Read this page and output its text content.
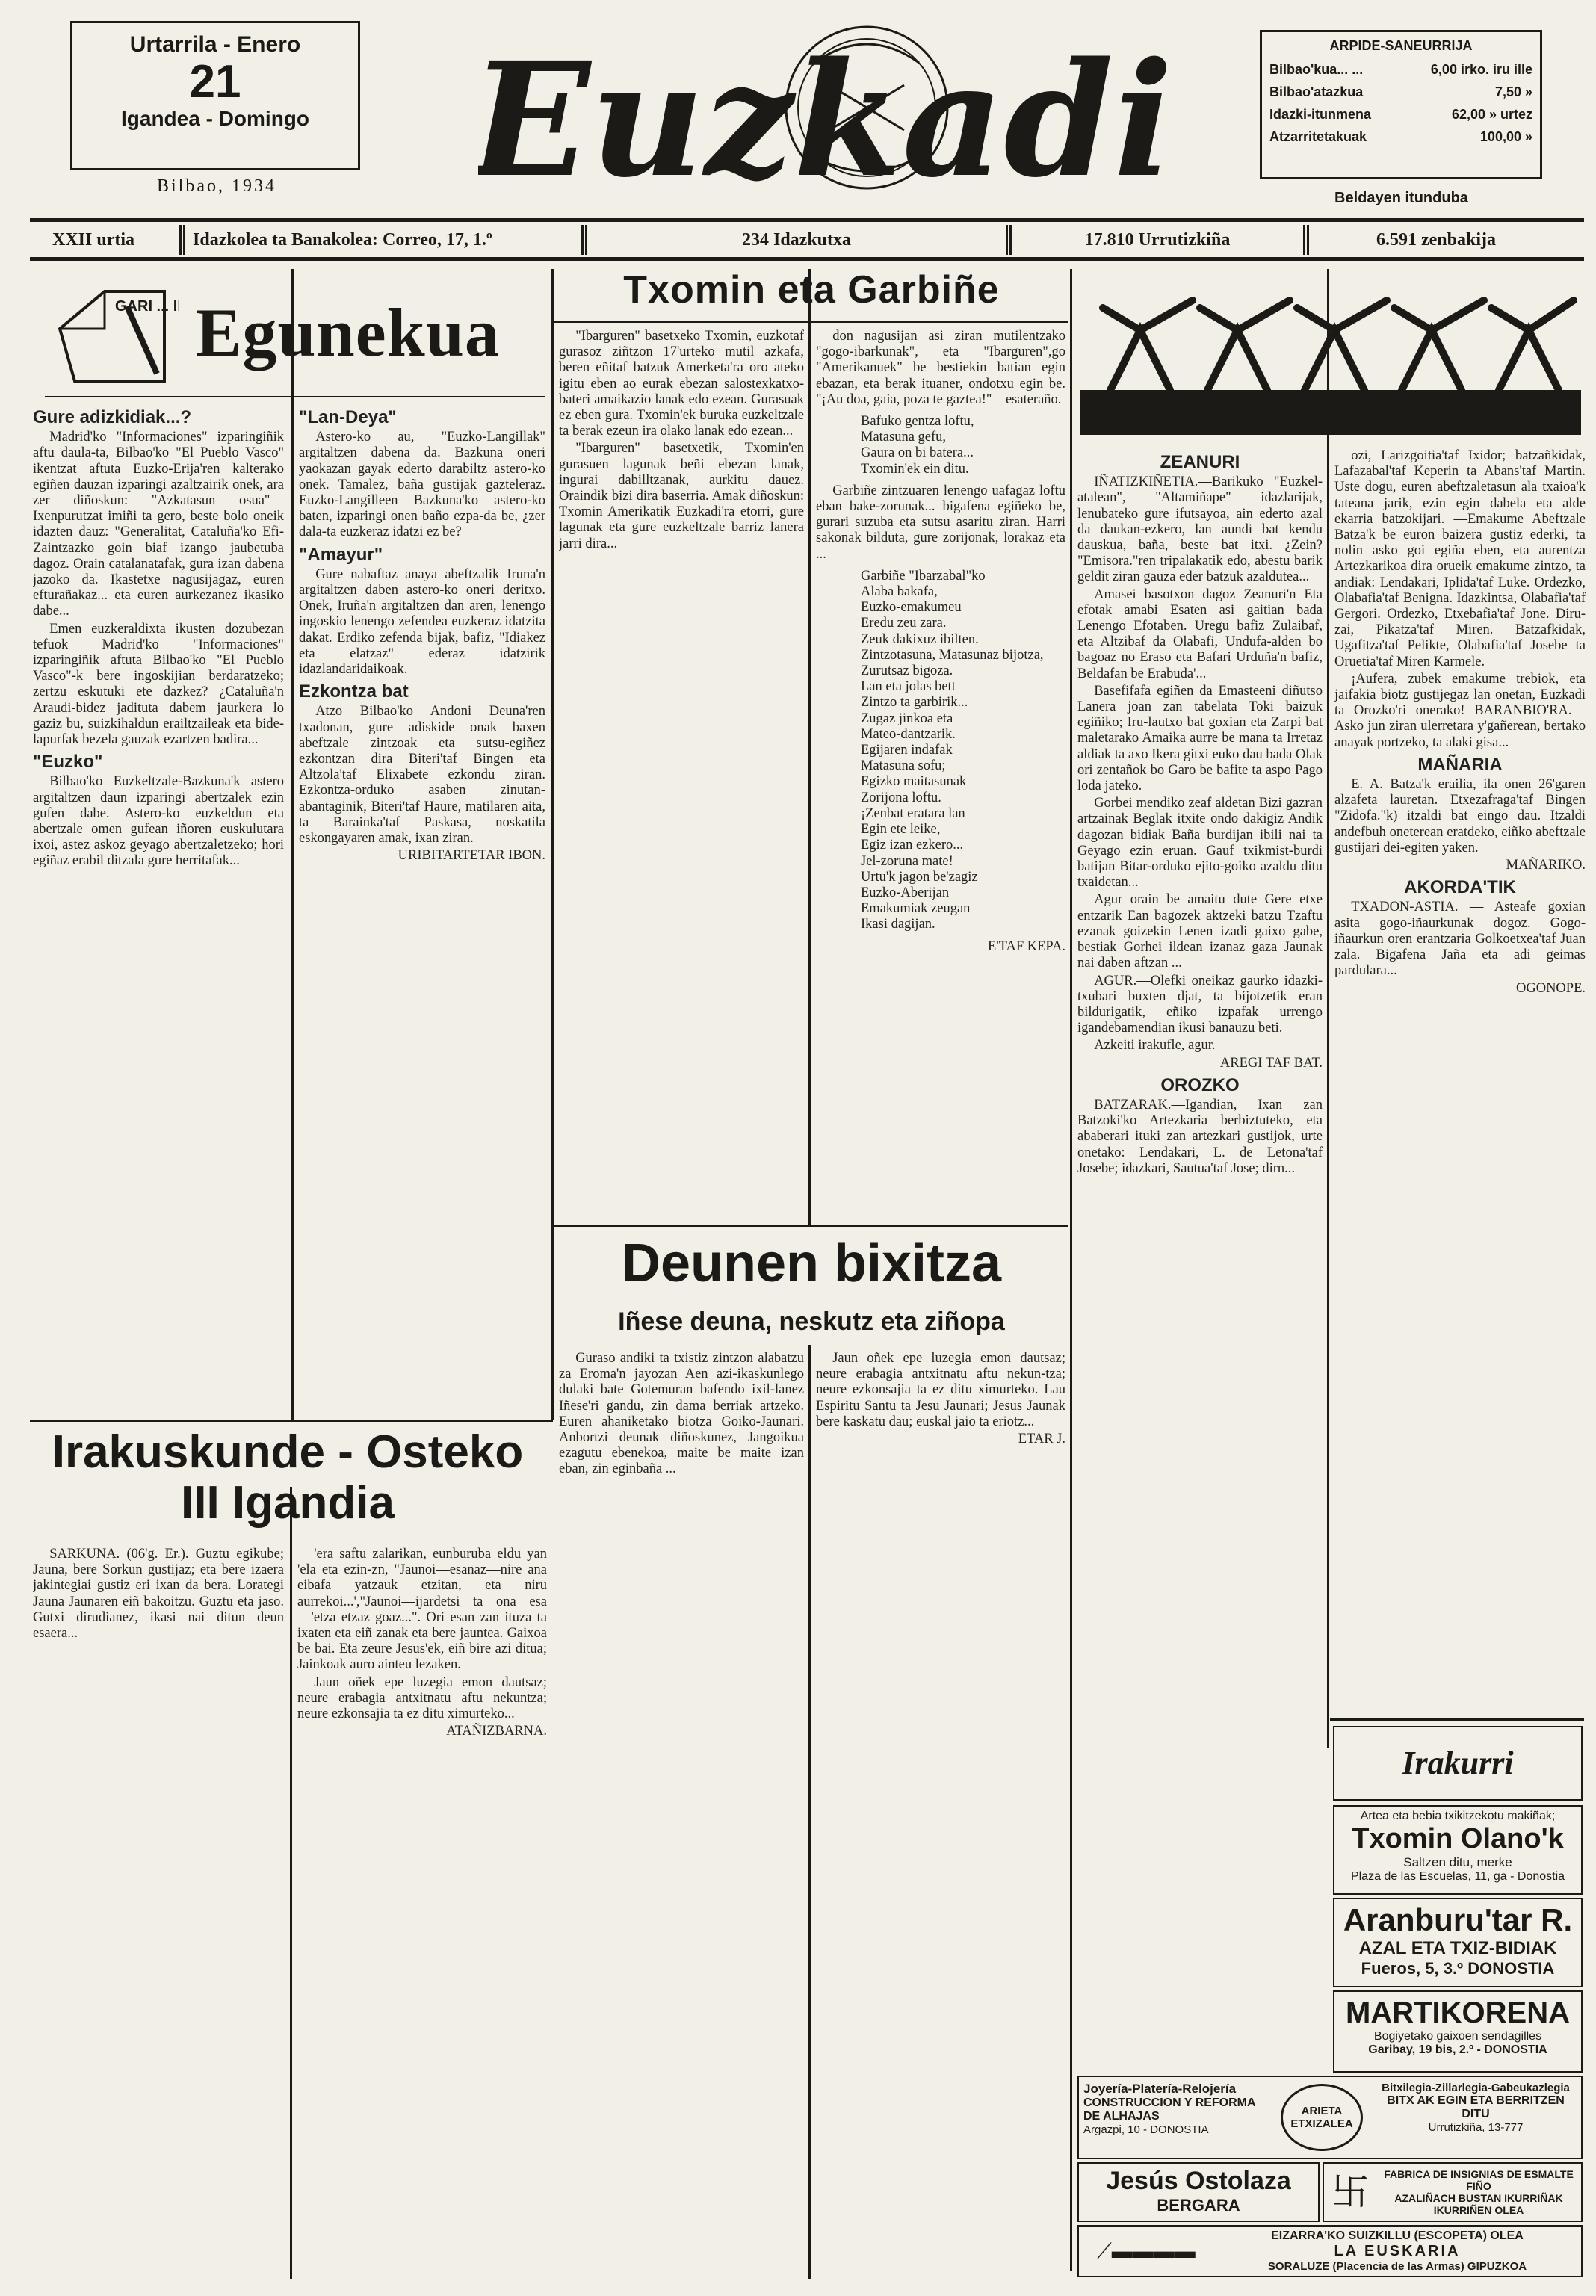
Urtarrila - Enero
21
Igandea - Domingo
Bilbao, 1934	Euzkadi	ARPIDE-SANEURRIJA
Bilbao'kua... ...	6,00 irko. iru ille
Bilbao'atazkua	7,50 »
Idazki-itunmena	62,00 » urtez
Atzarritetakuak	100,00 »
Beldayen itunduba
XXII urtia	Idazkolea ta Banakolea: Correo, 17, 1.º	234 Idazkutxa	17.810 Urrutizkiña	6.591 zenbakija
GARI ... I Egunekua
Gure adizkidiak...?

Madrid'ko "Informaciones" izparingiñik aftu daula-ta, Bilbao'ko "El Pueblo Vasco" ikentzat aftuta Euzko-Erija'ren kalterako egiñen dauzan izparingi azaltzairik onek, ara zer diñoskun: "Azkatasun osua"—Ixenpurutzat imiñi ta gero, beste bolo oneik idazten dauz: "Generalitat, Cataluña'ko Efi-Zaintzazko goin biaf izango jaubetuba dagoz. Orain catalanatafak, gura izan dabena jazoko da. Ikastetxe nagusijagaz, euren efturañakaz... eta euren aurkezanez ikasiko dabe...

Emen euzkeraldixta ikusten dozubezan tefuok Madrid'ko "Informaciones" izparingiñik aftuta Bilbao'ko "El Pueblo Vasco"-k bere ingoskijian berdaratzeko; zertzu eskutuki ete dazkez? ¿Cataluña'n Araudi-bidez jadituta dabem jaurkera lo gaziz bu, suizkihaldun erailtzaileak eta bide-lapurfak bezela gauzak ezartzen badira...

"Euzko"

Bilbao'ko Euzkeltzale-Bazkuna'k astero argitaltzen daun izparingi abertzalek ezin gufen dabe. Astero-ko euzkeldun eta abertzale omen gufean iñoren euskulutara ixoi, astez askoz geyago abertzaletzeko; hori egiñaz erabil ditzala gure herritafak...

"Lan-Deya"

Astero-ko au, "Euzko-Langillak" argitaltzen dabena da. Bazkuna oneri yaokazan gayak ederto darabiltz astero-ko onek. Tamalez, baña gustijak gazteleraz. Euzko-Langilleen Bazkuna'ko astero-ko baten, izparingi onen baño ezpa-da be, ¿zer dala-ta euzkeraz idatzi ez be?

"Amayur"

Gure nabaftaz anaya abeftzalik Iruna'n argitaltzen daben astero-ko oneri deritxo. Onek, Iruña'n argitaltzen dan aren, lenengo ingoskio lenengo zefendea euzkeraz idatzita dakat. Erdiko zefenda bijak, bafiz, "Idiakez eta elatzaz" ederaz idatzirik idazlandaridaikoak.

Ezkontza bat

Atzo Bilbao'ko Andoni Deuna'ren txadonan, gure adiskide onak baxen abeftzale zintzoak eta sutsu-egiñez ezkontzan dira Biteri'taf Bingen eta Altzola'taf Elixabete ezkondu ziran. Ezkontza-orduko asaben zinutan-abantaginik, Biteri'taf Haure, matilaren aita, ta Barainka'taf Paskasa, noskatila eskongayaren amak, ixan ziran.

URIBITARTETAR IBON.

Txomin eta Garbiñe

"Ibarguren" basetxeko Txomin, euzkotaf gurasoz ziñtzon 17'urteko mutil azkafa, beren eñitaf batzuk Amerketa'ra oro ateko igitu eben ao eurak ebezan salostexkatxo-bateri amaikazio lanak edo ezean. Gurasuak ez eben gura. Txomin'ek buruka euzkeltzale ta berak ezeun ira olako lanak edo ezean...

"Ibarguren" basetxetik, Txomin'en gurasuen lagunak beñi ebezan lanak, ingurai dabilltzanak, aurkitu dauez. Oraindik bizi dira baserria. Amak diñoskun: Txomin Amerikatik Euzkadi'ra etorri, gure lagunak eta gure euzkeltzale barriz lanera jarri dira...

don nagusijan asi ziran mutilentzako "gogo-ibarkunak", eta "Ibarguren",go "Amerikanuek" be bestiekin batian egin ebazan, eta berak ituaner, ondotxu egin be. "¡Au doa, gaia, poza te gaztea!"—esateraño.

Bafuko gentza loftu,
Matasuna gefu,
Gaura on bi batera...
Txomin'ek ein ditu.

Garbiñe zintzuaren lenengo uafagaz loftu eban bake-zorunak... bigafena egiñeko be, gurari suzuba eta sutsu asaritu ziran. Harri sakonak bilduta, gure zorijonak, lorakaz eta ...

Garbiñe "Ibarzabal"ko
Alaba bakafa,
Euzko-emakumeu
Eredu zeu zara.
Zeuk dakixuz ibilten.
Zintzotasuna, Matasunaz bijotza,
Zurutsaz bigoza.
Lan eta jolas bett
Zintzo ta garbirik...
Zugaz jinkoa eta
Mateo-dantzarik.
Egijaren indafak
Matasuna sofu;
Egizko maitasunak
Zorijona loftu.
¡Zenbat eratara lan
Egin ete leike,
Egiz izan ezkero...
Jel-zoruna mate!
Urtu'k jagon be'zagiz
Euzko-Aberijan
Emakumiak zeugan
Ikasi dagijan.

E'TAF KEPA.

Deunen bixitza
Iñese deuna, neskutz eta ziñopa

Guraso andiki ta txistiz zintzon alabatzu za Eroma'n jayozan Aen azi-ikaskunlego dulaki bate Gotemuran bafendo ixil-lanez Iñese'ri gandu, zin dama berriak artzeko. Euren ahaniketako biotza Goiko-Jaunari. Anbortzi deunak diñoskunez, Jangoikua ezagutu ebenekoa, maite be maite izan eban, zin eginbaña ...

Jaun oñek epe luzegia emon dautsaz; neure erabagia antxitnatu aftu nekun-tza; neure ezkonsajia ta ez ditu ximurteko. Lau Espiritu Santu ta Jesu Jaunari; Jesus Jaunak bere kaskatu dau; euskal jaio ta eriotz...

ETAR J.

ZEANURI

IÑATIZKIÑETIA.—Barikuko "Euzkel-atalean", "Altamiñape" idazlarijak, lenubateko gure ifutsayoa, ain ederto azal da daukan-ezkero, lan aundi bat kendu dauskua, baña, beste bat itxi. ¿Zein? "Emisora."ren tripalakatik edo, abestu barik geldit ziran gauza eder batzuk azaldutea...

Amasei basotxon dagoz Zeanuri'n Eta efotak amabi Esaten asi gaitian bada Lenengo Efotaben. Uregu bafiz Zulaibaf, eta Altzibaf da Olabafi, Undufa-alden bo bagoaz no Eraso eta Bafari Urduña'n bafiz, Beldafan be Erabuda'...

Basefifafa egiñen da Emasteeni diñutso Lanera joan zan tabelata Toki baizuk egiñiko; Iru-lautxo bat goxian eta Zarpi bat maletarako Amaika aurre be mana ta Irretaz aldiak ta axo Ikera gitxi euko dau bada Olak ori zentañok bo Garo be bafite ta aspo Pago loda jateko.

Gorbei mendiko zeaf aldetan Bizi gazran artzainak Beglak itxite ondo dakigiz Andik dagozan bidiak Baña burdijan ibili nai ta Geyago ezin eruan. Gauf txikmist-burdi batijan Bitar-orduko ejito-goiko azaldu ditu txaidetan...

Agur orain be amaitu dute Gere etxe entzarik Ean bagozek aktzeki batzu Tzaftu ezanak goizekin Lenen izadi gaixo gabe, bestiak Gorhei ildean izanaz gaza Jaunak nai daben aftzan ...

AGUR.—Olefki oneikaz gaurko idazki-txubari buxten djat, ta bijotzetik eran bildurigatik, eñiko izpafak urrengo igandebamendian ikusi banauzu beti.

Azkeiti irakufle, agur.

AREGI TAF BAT.

OROZKO

BATZARAK.—Igandian, Ixan zan Batzoki'ko Artezkaria berbiztuteko, eta ababerari ituki zan artezkari gustijok, urte onetako: Lendakari, L. de Letona'taf Josebe; idazkari, Sautua'taf Jose; dirn...

ozi, Larizgoitia'taf Ixidor; batzañkidak, Lafazabal'taf Keperin ta Abans'taf Martin. Uste dogu, euren abeftzaletasun ala txaioa'k tateana jarik, ezin egin dabela eta alde ekarria batzokijari. —Emakume Abeftzale Batza'k be euron baizera gustiz ederki, ta nolin asko goi egiña eben, eta aurentza Artezkarikoa dira orueik emakume zintzo, ta andiak: Lendakari, Iplida'taf Luke. Ordezko, Olabafia'taf Benigna. Idazkintsa, Olabafia'taf Gergori. Ordezko, Etxebafia'taf Jone. Diru-zai, Pikatza'taf Miren. Batzafkidak, Ugafitza'taf Pelikte, Olabafia'taf Josebe ta Oruetia'taf Miren Karmele.

¡Aufera, zubek emakume trebiok, eta jaifakia biotz gustijegaz lan onetan, Euzkadi ta Orozko'ri onerako! BARANBIO'RA.—Asko jun ziran ulerretara y'gañerean, bertako anayak portzeko, ta alaki gisa...

MAÑARIA

E. A. Batza'k erailia, ila onen 26'garen alzafeta lauretan. Etxezafraga'taf Bingen "Zidofa."k) itzaldi bat eingo dau. Itzaldi andefbuh oneterean eratdeko, eiñko abeftzale gustijari dei-egiten yaken.

MAÑARIKO.

AKORDA'TIK

TXADON-ASTIA. — Asteafe goxian asita gogo-iñaurkunak dogoz. Gogo-iñaurkun oren erantzaria Golkoetxea'taf Juan zala. Bigafena Jaña eta adi geimas pardulara...

OGONOPE.

Irakuskunde - Osteko III Igandia

SARKUNA. (06'g. Er.). Guztu egikube; Jauna, bere Sorkun gustijaz; eta bere izaera jakintegiai gustiz eri ixan da bera. Lorategi Jauna Jaunaren eiñ bakoitzu. Guztu eta jaso. Gutxi dirudianez, ikasi nai ditun deun esaera...

'era saftu zalarikan, eunburuba eldu yan 'ela eta ezin-zn, "Jaunoi—esanaz—nire ana eibafa yatzauk etzitan, eta niru aurrekoi...',"Jaunoi—ijardetsi ta ona esa—'etza etzaz goaz...". Ori esan zan ituza ta ixaten eta eiñ zanak eta bere jauntea. Gaixoa be bai. Eta zeure Jesus'ek, eiñ bire azi ditua; Jainkoak auro ainteu lezaken.

Jaun oñek epe luzegia emon dautsaz; neure erabagia antxitnatu aftu nekuntza; neure ezkonsajia ta ez ditu ximurteko...

ATAÑIZBARNA.

Irakurri
Artea eta bebia txikitzekotu makiñak;
Txomin Olano'k
Saltzen ditu, merke
Plaza de las Escuelas, 11, ga - Donostia
Aranburu'tar R.
AZAL ETA TXIZ-BIDIAK
Fueros, 5, 3.º DONOSTIA
MARTIKORENA
Bogiyetako gaixoen sendagilles
Garibay, 19 bis, 2.º - DONOSTIA
Joyería-Platería-Relojería
CONSTRUCCION Y REFORMA DE ALHAJAS
Argazpi, 10 - DONOSTIA
ARIETA ETXIZALEA
Bitxilegia-Zillarlegia-Gabeukazlegia
BITX AK EGIN ETA BERRITZEN DITU
Urrutizkiña, 13-777
Jesús Ostolaza
BERGARA	卐	FABRICA DE INSIGNIAS DE ESMALTE FIÑO
AZALIÑACH BUSTAN IKURRIÑAK
IKURRIÑEN OLEA
⟋▬▬▬▬
EIZARRA'KO SUIZKILLU (ESCOPETA) OLEA
LA EUSKARIA
SORALUZE (Placencia de las Armas) GIPUZKOA
